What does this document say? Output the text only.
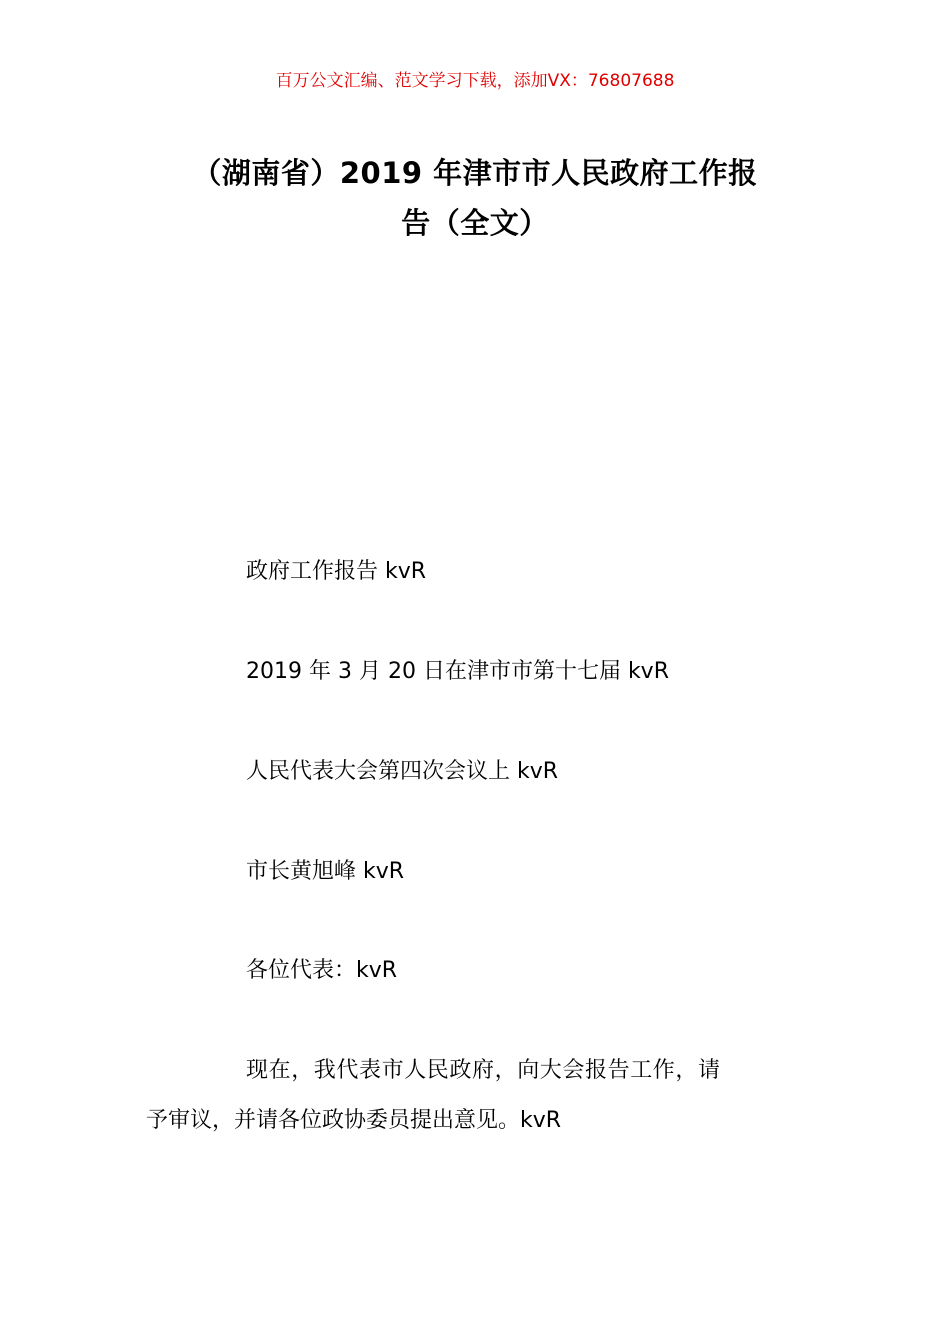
百万公文汇编、范文学习下载，添加VX：76807688
（湖南省）2019 年津市市人民政府工作报
告（全文）
政府工作报告 kvR
2019 年 3 月 20 日在津市市第十七届 kvR
人民代表大会第四次会议上 kvR
市长黄旭峰 kvR
各位代表：kvR
现在，我代表市人民政府，向大会报告工作，请
予审议，并请各位政协委员提出意见。kvR
